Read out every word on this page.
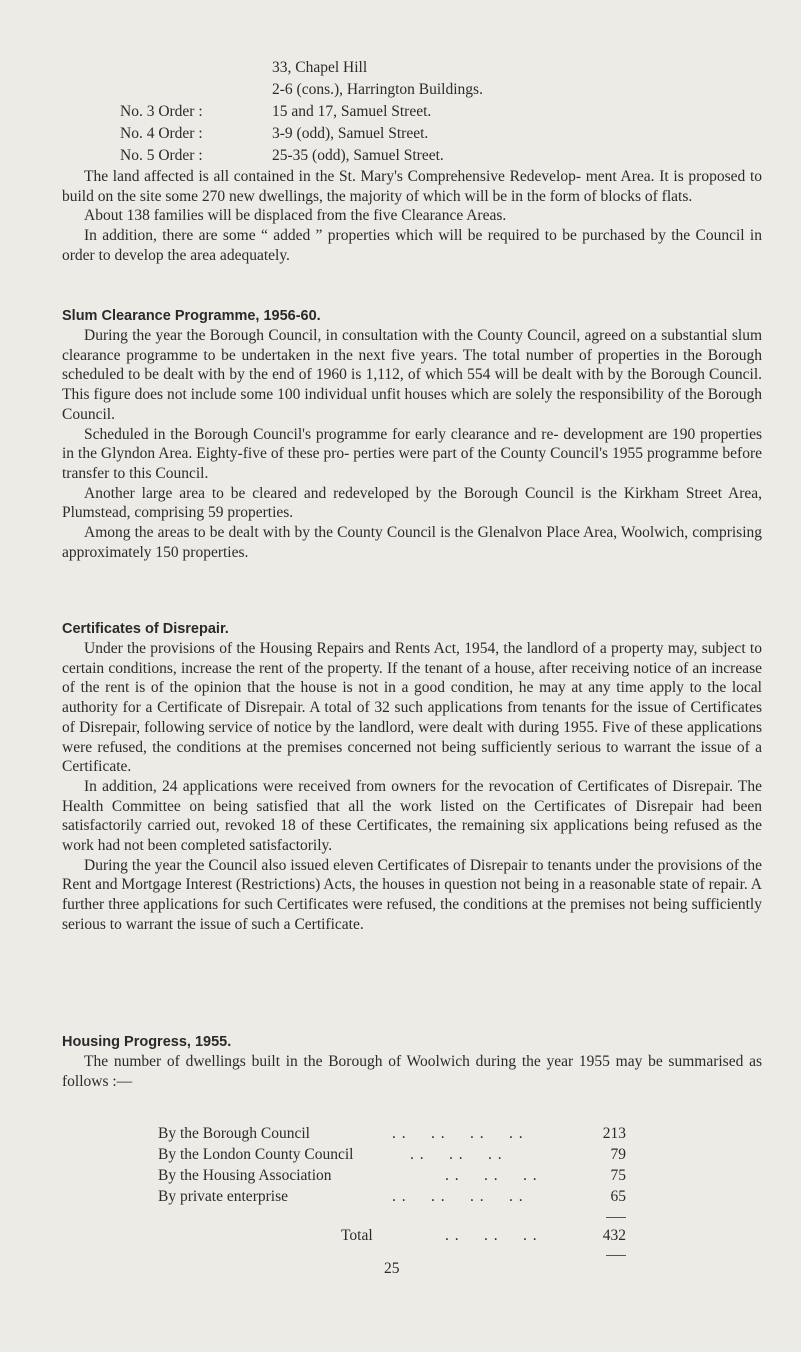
33, Chapel Hill
2-6 (cons.), Harrington Buildings.
No. 3 Order :	15 and 17, Samuel Street.
No. 4 Order :	3-9 (odd), Samuel Street.
No. 5 Order :	25-35 (odd), Samuel Street.

The land affected is all contained in the St. Mary's Comprehensive Redevelop- ment Area. It is proposed to build on the site some 270 new dwellings, the majority of which will be in the form of blocks of flats.

About 138 families will be displaced from the five Clearance Areas.

In addition, there are some “ added ” properties which will be required to be purchased by the Council in order to develop the area adequately.

Slum Clearance Programme, 1956-60.

During the year the Borough Council, in consultation with the County Council, agreed on a substantial slum clearance programme to be undertaken in the next five years. The total number of properties in the Borough scheduled to be dealt with by the end of 1960 is 1,112, of which 554 will be dealt with by the Borough Council. This figure does not include some 100 individual unfit houses which are solely the responsibility of the Borough Council.

Scheduled in the Borough Council's programme for early clearance and re- development are 190 properties in the Glyndon Area. Eighty-five of these pro- perties were part of the County Council's 1955 programme before transfer to this Council.

Another large area to be cleared and redeveloped by the Borough Council is the Kirkham Street Area, Plumstead, comprising 59 properties.

Among the areas to be dealt with by the County Council is the Glenalvon Place Area, Woolwich, comprising approximately 150 properties.

Certificates of Disrepair.

Under the provisions of the Housing Repairs and Rents Act, 1954, the landlord of a property may, subject to certain conditions, increase the rent of the property. If the tenant of a house, after receiving notice of an increase of the rent is of the opinion that the house is not in a good condition, he may at any time apply to the local authority for a Certificate of Disrepair. A total of 32 such applications from tenants for the issue of Certificates of Disrepair, following service of notice by the landlord, were dealt with during 1955. Five of these applications were refused, the conditions at the premises concerned not being sufficiently serious to warrant the issue of a Certificate.

In addition, 24 applications were received from owners for the revocation of Certificates of Disrepair. The Health Committee on being satisfied that all the work listed on the Certificates of Disrepair had been satisfactorily carried out, revoked 18 of these Certificates, the remaining six applications being refused as the work had not been completed satisfactorily.

During the year the Council also issued eleven Certificates of Disrepair to tenants under the provisions of the Rent and Mortgage Interest (Restrictions) Acts, the houses in question not being in a reasonable state of repair. A further three applications for such Certificates were refused, the conditions at the premises not being sufficiently serious to warrant the issue of such a Certificate.

Housing Progress, 1955.

The number of dwellings built in the Borough of Woolwich during the year 1955 may be summarised as follows :—

By the Borough Council	. .     . .     . .     . .	213
By the London County Council	. .     . .     . .	79
By the Housing Association	. .     . .     . .	75
By private enterprise	. .     . .     . .     . .	65
Total	. .     . .     . .	432
25
